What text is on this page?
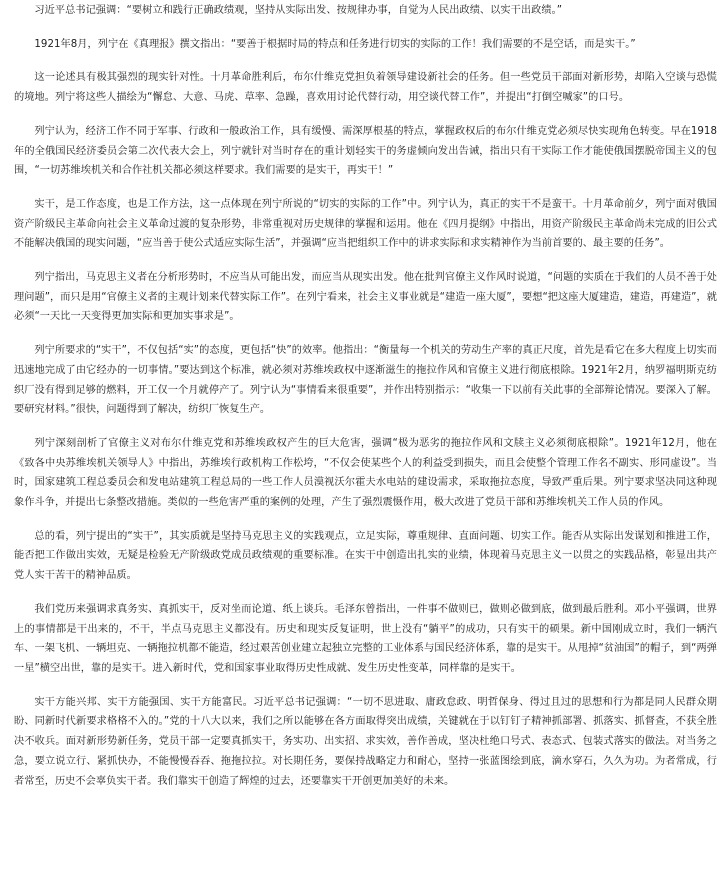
习近平总书记强调：“要树立和践行正确政绩观，坚持从实际出发、按规律办事，自觉为人民出政绩、以实干出政绩。”

1921年8月，列宁在《真理报》撰文指出：“要善于根据时局的特点和任务进行切实的实际的工作！我们需要的不是空话，而是实干。”

这一论述具有极其强烈的现实针对性。十月革命胜利后，布尔什维克党担负着领导建设新社会的任务。但一些党员干部面对新形势，却陷入空谈与恐慌的境地。列宁将这些人描绘为“懈怠、大意、马虎、草率、急躁，喜欢用讨论代替行动，用空谈代替工作”，并提出“打倒空喊家”的口号。

列宁认为，经济工作不同于军事、行政和一般政治工作，具有缓慢、需深厚根基的特点，掌握政权后的布尔什维克党必须尽快实现角色转变。早在1918年的全俄国民经济委员会第二次代表大会上，列宁就针对当时存在的重计划轻实干的务虚倾向发出告诫，指出只有干实际工作才能使俄国摆脱帝国主义的包围，“一切苏维埃机关和合作社机关都必须这样要求。我们需要的是实干，再实干！”

实干，是工作态度，也是工作方法，这一点体现在列宁所说的“切实的实际的工作”中。列宁认为，真正的实干不是蛮干。十月革命前夕，列宁面对俄国资产阶级民主革命向社会主义革命过渡的复杂形势，非常重视对历史规律的掌握和运用。他在《四月提纲》中指出，用资产阶级民主革命尚未完成的旧公式不能解决俄国的现实问题，“应当善于使公式适应实际生活”，并强调“应当把组织工作中的讲求实际和求实精神作为当前首要的、最主要的任务”。

列宁指出，马克思主义者在分析形势时，不应当从可能出发，而应当从现实出发。他在批判官僚主义作风时说道，“问题的实质在于我们的人员不善于处理问题”，而只是用“官僚主义者的主观计划来代替实际工作”。在列宁看来，社会主义事业就是“建造一座大厦”，要想“把这座大厦建造，建造，再建造”，就必须“一天比一天变得更加实际和更加实事求是”。

列宁所要求的“实干”，不仅包括“实”的态度，更包括“快”的效率。他指出：“衡量每一个机关的劳动生产率的真正尺度，首先是看它在多大程度上切实而迅速地完成了由它经办的一切事情。”要达到这个标准，就必须对苏维埃政权中逐渐滋生的拖拉作风和官僚主义进行彻底根除。1921年2月，纳罗福明斯克纺织厂没有得到足够的燃料，开工仅一个月就停产了。列宁认为“事情看来很重要”，并作出特别指示：“收集一下以前有关此事的全部辩论情况。要深入了解。要研究材料。”很快，问题得到了解决，纺织厂恢复生产。

列宁深刻剖析了官僚主义对布尔什维克党和苏维埃政权产生的巨大危害，强调“极为恶劣的拖拉作风和文牍主义必须彻底根除”。1921年12月，他在《致各中央苏维埃机关领导人》中指出，苏维埃行政机构工作松垮，“不仅会使某些个人的利益受到损失，而且会使整个管理工作名不副实、形同虚设”。当时，国家建筑工程总委员会和发电站建筑工程总局的一些工作人员漠视沃尔霍夫水电站的建设需求，采取拖拉态度，导致严重后果。列宁要求坚决同这种现象作斗争，并提出七条整改措施。类似的一些危害严重的案例的处理，产生了强烈震慑作用，极大改进了党员干部和苏维埃机关工作人员的作风。

总的看，列宁提出的“实干”，其实质就是坚持马克思主义的实践观点，立足实际，尊重规律、直面问题、切实工作。能否从实际出发谋划和推进工作，能否把工作做出实效，无疑是检验无产阶级政党成员政绩观的重要标准。在实干中创造出扎实的业绩，体现着马克思主义一以贯之的实践品格，彰显出共产党人实干苦干的精神品质。

我们党历来强调求真务实、真抓实干，反对坐而论道、纸上谈兵。毛泽东曾指出，一件事不做则已，做则必做到底，做到最后胜利。邓小平强调，世界上的事情都是干出来的，不干，半点马克思主义都没有。历史和现实反复证明，世上没有“躺平”的成功，只有实干的硕果。新中国刚成立时，我们一辆汽车、一架飞机、一辆坦克、一辆拖拉机都不能造，经过艰苦创业建立起独立完整的工业体系与国民经济体系，靠的是实干。从甩掉“贫油国”的帽子，到“两弹一星”横空出世，靠的是实干。进入新时代，党和国家事业取得历史性成就、发生历史性变革，同样靠的是实干。

实干方能兴邦、实干方能强国、实干方能富民。习近平总书记强调：“一切不思进取、庸政怠政、明哲保身、得过且过的思想和行为都是同人民群众期盼、同新时代新要求格格不入的。”党的十八大以来，我们之所以能够在各方面取得突出成绩，关键就在于以钉钉子精神抓部署、抓落实、抓督查，不获全胜决不收兵。面对新形势新任务，党员干部一定要真抓实干，务实功、出实招、求实效，善作善成，坚决杜绝口号式、表态式、包装式落实的做法。对当务之急，要立说立行、紧抓快办，不能慢慢吞吞、拖拖拉拉。对长期任务，要保持战略定力和耐心，坚持一张蓝图绘到底，滴水穿石，久久为功。为者常成，行者常至，历史不会辜负实干者。我们靠实干创造了辉煌的过去，还要靠实干开创更加美好的未来。
